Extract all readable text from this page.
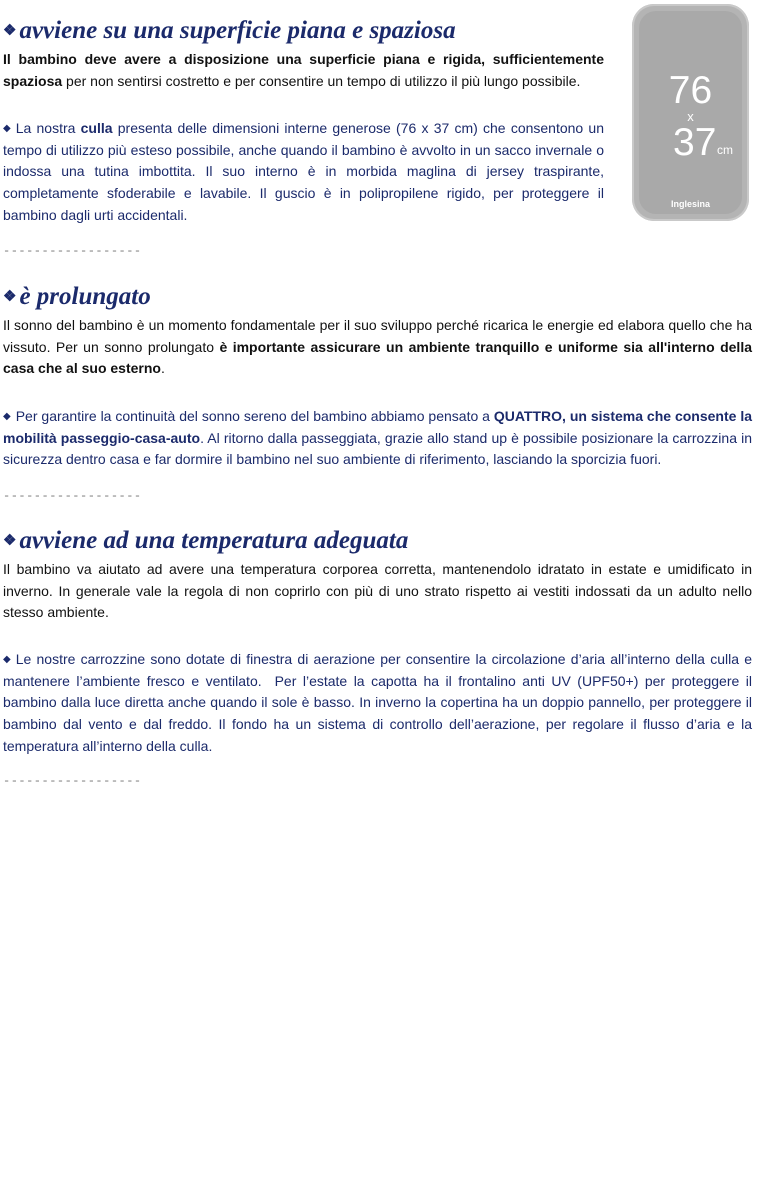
❖ avviene su una superficie piana e spaziosa

Il bambino deve avere a disposizione una superficie piana e rigida, sufficientemente spaziosa per non sentirsi costretto e per consentire un tempo di utilizzo il più lungo possibile.

◆ La nostra culla presenta delle dimensioni interne generose (76 x 37 cm) che consentono un tempo di utilizzo più esteso possibile, anche quando il bambino è avvolto in un sacco invernale o indossa una tutina imbottita. Il suo interno è in morbida maglina di jersey traspirante, completamente sfoderabile e lavabile. Il guscio è in polipropilene rigido, per proteggere il bambino dagli urti accidentali.

76
x
37 cm
Inglesina
------------------
❖ è prolungato

Il sonno del bambino è un momento fondamentale per il suo sviluppo perché ricarica le energie ed elabora quello che ha vissuto. Per un sonno prolungato è importante assicurare un ambiente tranquillo e uniforme sia all'interno della casa che al suo esterno.

◆ Per garantire la continuità del sonno sereno del bambino abbiamo pensato a QUATTRO, un sistema che consente la mobilità passeggio-casa-auto. Al ritorno dalla passeggiata, grazie allo stand up è possibile posizionare la carrozzina in sicurezza dentro casa e far dormire il bambino nel suo ambiente di riferimento, lasciando la sporcizia fuori.

------------------
❖ avviene ad una temperatura adeguata

Il bambino va aiutato ad avere una temperatura corporea corretta, mantenendolo idratato in estate e umidificato in inverno. In generale vale la regola di non coprirlo con più di uno strato rispetto ai vestiti indossati da un adulto nello stesso ambiente.

◆ Le nostre carrozzine sono dotate di finestra di aerazione per consentire la circolazione d’aria all’interno della culla e mantenere l’ambiente fresco e ventilato.  Per l’estate la capotta ha il frontalino anti UV (UPF50+) per proteggere il bambino dalla luce diretta anche quando il sole è basso. In inverno la copertina ha un doppio pannello, per proteggere il bambino dal vento e dal freddo. Il fondo ha un sistema di controllo dell’aerazione, per regolare il flusso d’aria e la temperatura all’interno della culla.

------------------
